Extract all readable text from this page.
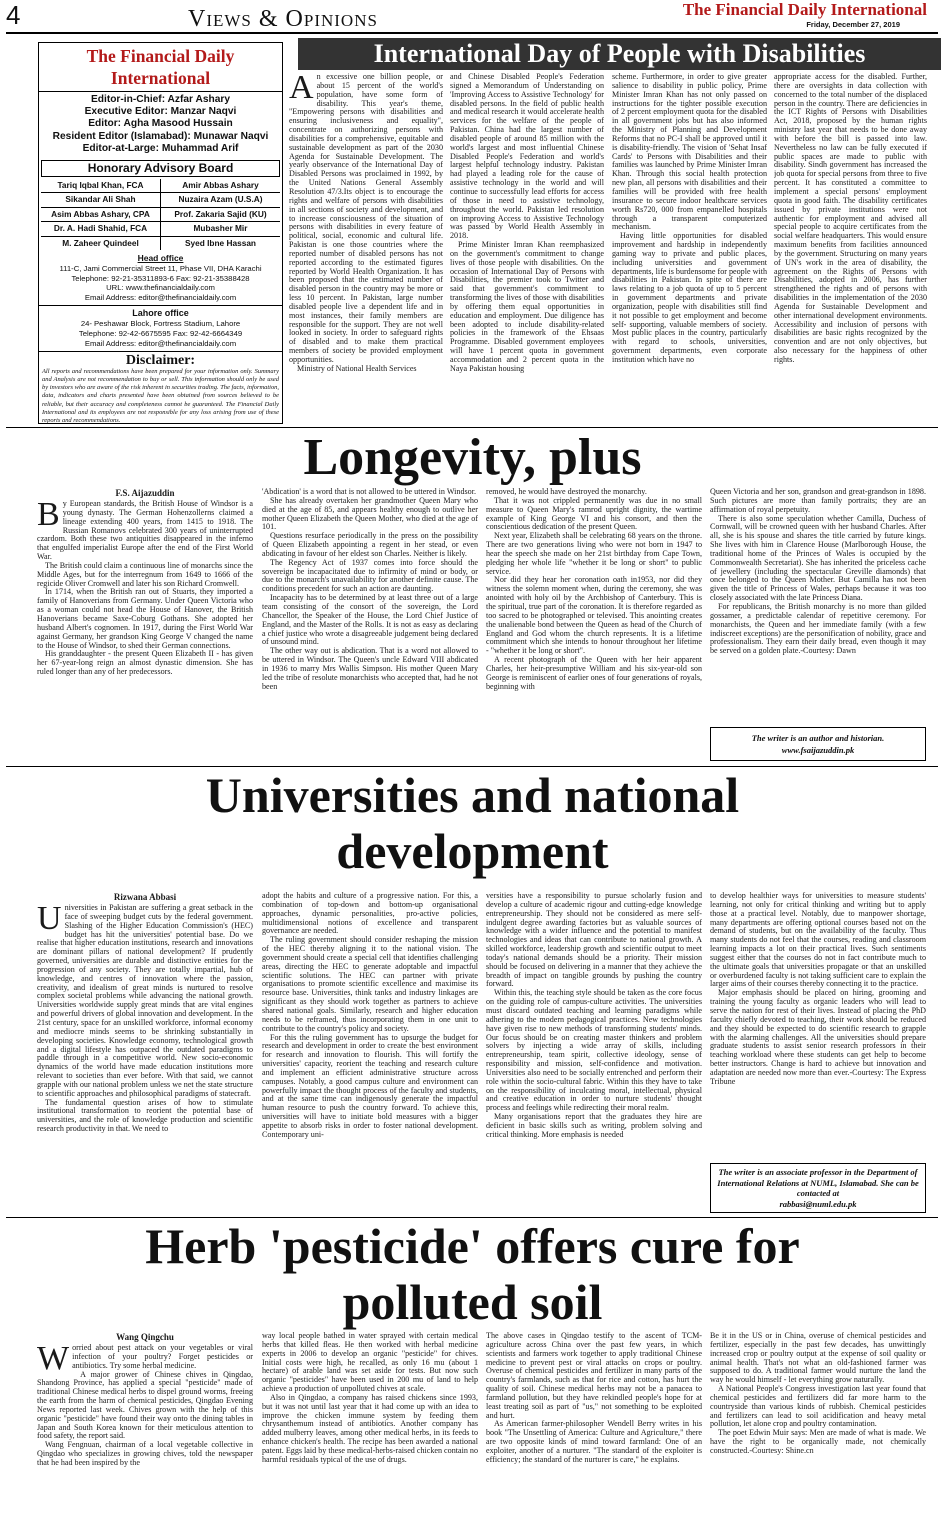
4	Views & Opinions	The Financial Daily International
Friday, December 27, 2019
The Financial Daily International
Editor-in-Chief: Azfar Ashary
Executive Editor: Manzar Naqvi
Editor: Agha Masood Hussain
Resident Editor (Islamabad): Munawar Naqvi
Editor-at-Large: Muhammad Arif
Honorary Advisory Board
Tariq Iqbal Khan, FCA
Sikandar Ali Shah
Asim Abbas Ashary, CPA
Dr. A. Hadi Shahid, FCA
M. Zaheer Quindeel
Amir Abbas Ashary
Nuzaira Azam (U.S.A)
Prof. Zakaria Sajid (KU)
Mubasher Mir
Syed Ibne Hassan
Head office
111-C, Jami Commercial Street 11, Phase VII, DHA Karachi
Telephone: 92-21-35311893-6 Fax: 92-21-35388428
URL: www.thefinancialdaily.com
Email Address: editor@thefinancialdaily.com
Lahore office
24- Peshawar Block, Fortress Stadium, Lahore
Telephone: 92-42-6675595 Fax: 92-42-6664349
Email Address: editor@thefinancialdaily.com
Disclaimer:
All reports and recommendations have been prepared for your information only. Summary and Analysis are not recommendation to buy or sell. This information should only be used by investors who are aware of the risk inherent in securities trading. The facts, information, data, indicators and charts presented have been obtained from sources believed to be reliable, but their accuracy and completeness cannot be guaranteed. The Financial Daily International and its employees are not responsible for any loss arising from use of these reports and recommendations.
International Day of People with Disabilities

An excessive one billion people, or about 15 percent of the world's population, have some form of disability. This year's theme, "Empowering persons with disabilities and ensuring inclusiveness and equality", concentrate on authorizing persons with disabilities for a comprehensive, equitable and sustainable development as part of the 2030 Agenda for Sustainable Development. The yearly observance of the International Day of Disabled Persons was proclaimed in 1992, by the United Nations General Assembly Resolution 47/3.Its object is to encourage the rights and welfare of persons with disabilities in all sections of society and development, and to increase consciousness of the situation of persons with disabilities in every feature of political, social, economic and cultural life. Pakistan is one those countries where the reported number of disabled persons has not reported according to the estimated figures reported by World Health Organization. It has been proposed that the estimated number of disabled person in the country may be more or less 10 percent. In Pakistan, large number disabled people live a dependent life and in most instances, their family members are responsible for the support. They are not well looked in society. In order to safeguard rights of disabled and to make them practical members of society be provided employment opportunities.

Ministry of National Health Services

and Chinese Disabled People's Federation signed a Memorandum of Understanding on 'Improving Access to Assistive Technology' for disabled persons. In the field of public health and medical research it would accelerate health services for the welfare of the people of Pakistan. China had the largest number of disabled people of around 85 million with the world's largest and most influential Chinese Disabled People's Federation and world's largest helpful technology industry. Pakistan had played a leading role for the cause of assistive technology in the world and will continue to successfully lead efforts for access of those in need to assistive technology, throughout the world. Pakistan led resolution on improving Access to Assistive Technology was passed by World Health Assembly in 2018.

Prime Minister Imran Khan reemphasized on the government's commitment to change lives of those people with disabilities. On the occasion of International Day of Persons with Disabilities, the premier took to Twitter and said that government's commitment to transforming the lives of those with disabilities by offering them equal opportunities in education and employment. Due diligence has been adopted to include disability-related policies in the framework of the Ehsaas Programme. Disabled government employees will have 1 percent quota in government accommodation and 2 percent quota in the Naya Pakistan housing

scheme. Furthermore, in order to give greater salience to disability in public policy, Prime Minister Imran Khan has not only passed on instructions for the tighter possible execution of 2 percent employment quota for the disabled in all government jobs but has also informed the Ministry of Planning and Development Reforms that no PC-I shall be approved until it is disability-friendly. The vision of 'Sehat Insaf Cards' to Persons with Disabilities and their families was launched by Prime Minister Imran Khan. Through this social health protection new plan, all persons with disabilities and their families will be provided with free health insurance to secure indoor healthcare services worth Rs720, 000 from empanelled hospitals through a transparent computerized mechanism.

Having little opportunities for disabled improvement and hardship in independently gaming way to private and public places, including universities and government departments, life is burdensome for people with disabilities in Pakistan. In spite of there are laws relating to a job quota of up to 5 percent in government departments and private organization, people with disabilities still find it not possible to get employment and become self- supporting, valuable members of society. Most public places in the country, particularly with regard to schools, universities, government departments, even corporate institution which have no

appropriate access for the disabled. Further, there are oversights in data collection with concerned to the total number of the displaced person in the country. There are deficiencies in the ICT Rights of Persons with Disabilities Act, 2018, proposed by the human rights ministry last year that needs to be done away with before the bill is passed into law. Nevertheless no law can be fully executed if public spaces are made to public with disability. Sindh government has increased the job quota for special persons from three to five percent. It has constituted a committee to implement a special persons' employment quota in good faith. The disability certificates issued by private institutions were not authentic for employment and advised all special people to acquire certificates from the social welfare headquarters. This would ensure maximum benefits from facilities announced by the government. Structuring on many years of UN's work in the area of disability, the agreement on the Rights of Persons with Disabilities, adopted in 2006, has further strengthened the rights and of persons with disabilities in the implementation of the 2030 Agenda for Sustainable Development and other international development environments. Accessibility and inclusion of persons with disabilities are basic rights recognized by the convention and are not only objectives, but also necessary for the happiness of other rights.

Longevity, plus
F.S. Aijazuddin

By European standards, the British House of Windsor is a young dynasty. The German Hohenzollerns claimed a lineage extending 400 years, from 1415 to 1918. The Russian Romanovs celebrated 300 years of uninterrupted czardom. Both these two antiquities disappeared in the inferno that engulfed imperialist Europe after the end of the First World War.

The British could claim a continuous line of monarchs since the Middle Ages, but for the interregnum from 1649 to 1666 of the regicide Oliver Cromwell and later his son Richard Cromwell.

In 1714, when the British ran out of Stuarts, they imported a family of Hanoverians from Germany. Under Queen Victoria who as a woman could not head the House of Hanover, the British Hanoverians became Saxe-Coburg Gothans. She adopted her husband Albert's cognomen. In 1917, during the First World War against Germany, her grandson King George V changed the name to the House of Windsor, to shed their German connections.

His granddaughter - the present Queen Elizabeth II - has given her 67-year-long reign an almost dynastic dimension. She has ruled longer than any of her predecessors.

'Abdication' is a word that is not allowed to be uttered in Windsor.

She has already overtaken her grandmother Queen Mary who died at the age of 85, and appears healthy enough to outlive her mother Queen Elizabeth the Queen Mother, who died at the age of 101.

Questions resurface periodically in the press on the possibility of Queen Elizabeth appointing a regent in her stead, or even abdicating in favour of her eldest son Charles. Neither is likely.

The Regency Act of 1937 comes into force should the sovereign be incapacitated due to infirmity of mind or body, or due to the monarch's unavailability for another definite cause. The conditions precedent for such an action are daunting.

Incapacity has to be determined by at least three out of a large team consisting of the consort of the sovereign, the Lord Chancellor, the Speaker of the House, the Lord Chief Justice of England, and the Master of the Rolls. It is not as easy as declaring a chief justice who wrote a disagreeable judgement being declared of unsound mind.

The other way out is abdication. That is a word not allowed to be uttered in Windsor. The Queen's uncle Edward VIII abdicated in 1936 to marry Mrs Wallis Simpson. His mother Queen Mary led the tribe of resolute monarchists who accepted that, had he not been

removed, he would have destroyed the monarchy.

That it was not crippled permanently was due in no small measure to Queen Mary's ramrod upright dignity, the wartime example of King George VI and his consort, and then the conscientious dedication of the present Queen.

Next year, Elizabeth shall be celebrating 68 years on the throne. There are two generations living who were not born in 1947 to hear the speech she made on her 21st birthday from Cape Town, pledging her whole life "whether it be long or short" to public service.

Nor did they hear her coronation oath in1953, nor did they witness the solemn moment when, during the ceremony, she was anointed with holy oil by the Archbishop of Canterbury. This is the spiritual, true part of the coronation. It is therefore regarded as too sacred to be photographed or televised. This anointing creates the unalienable bond between the Queen as head of the Church of England and God whom the church represents. It is a lifetime commitment which she intends to honour throughout her lifetime - "whether it be long or short".

A recent photograph of the Queen with her heir apparent Charles, her heir-presumptive William and his six-year-old son George is reminiscent of earlier ones of four generations of royals, beginning with

Queen Victoria and her son, grandson and great-grandson in 1898. Such pictures are more than family portraits; they are an affirmation of royal perpetuity.

There is also some speculation whether Camilla, Duchess of Cornwall, will be crowned queen with her husband Charles. After all, she is his spouse and shares the title carried by future kings. She lives with him in Clarence House (Marlborough House, the traditional home of the Princes of Wales is occupied by the Commonwealth Secretariat). She has inherited the priceless cache of jewellery (including the spectacular Greville diamonds) that once belonged to the Queen Mother. But Camilla has not been given the title of Princess of Wales, perhaps because it was too closely associated with the late Princess Diana.

For republicans, the British monarchy is no more than gilded gossamer, a predictable calendar of repetitive ceremony. For monarchists, the Queen and her immediate family (with a few indiscreet exceptions) are the personification of nobility, grace and professionalism. They earn their daily bread, even though it may be served on a golden plate.-Courtesy: Dawn

The writer is an author and historian.
www.fsaijazuddin.pk
Universities and national development
Rizwana Abbasi

Universities in Pakistan are suffering a great setback in the face of sweeping budget cuts by the federal government. Slashing of the Higher Education Commission's (HEC) budget has hit the universities' potential base. Do we realise that higher education institutions, research and innovations are dominant pillars of national development? If prudently governed, universities are durable and distinctive entities for the progression of any society. They are totally impartial, hub of knowledge, and centres of innovation where the passion, creativity, and idealism of great minds is nurtured to resolve complex societal problems while advancing the national growth. Universities worldwide supply great minds that are vital engines and powerful drivers of global innovation and development. In the 21st century, space for an unskilled workforce, informal economy and mediocre minds seems to be shrinking substantially in developing societies. Knowledge economy, technological growth and a digital lifestyle has outpaced the outdated paradigms to paddle through in a competitive world. New socio-economic dynamics of the world have made education institutions more relevant to societies than ever before. With that said, we cannot grapple with our national problem unless we net the state structure to scientific approaches and philosophical paradigms of statecraft.

The fundamental question arises of how to stimulate institutional transformation to reorient the potential base of universities, and the role of knowledge production and scientific research productivity in that. We need to

adopt the habits and culture of a progressive nation. For this, a combination of top-down and bottom-up organisational approaches, dynamic personalities, pro-active policies, multidimensional notions of excellence and transparent governance are needed.

The ruling government should consider reshaping the mission of the HEC thereby aligning it to the national vision. The government should create a special cell that identifies challenging areas, directing the HEC to generate adoptable and impactful scientific solutions. The HEC can partner with private organisations to promote scientific excellence and maximise its resource base. Universities, think tanks and industry linkages are significant as they should work together as partners to achieve shared national goals. Similarly, research and higher education needs to be reframed, thus incorporating them in one unit to contribute to the country's policy and society.

For this the ruling government has to upsurge the budget for research and development in order to create the best environment for research and innovation to flourish. This will fortify the universities' capacity, reorient the teaching and research culture and implement an efficient administrative structure across campuses. Notably, a good campus culture and environment can powerfully impact the thought process of the faculty and students, and at the same time can indigenously generate the impactful human resource to push the country forward. To achieve this, universities will have to initiate bold measures with a bigger appetite to absorb risks in order to foster national development. Contemporary uni-

versities have a responsibility to pursue scholarly fusion and develop a culture of academic rigour and cutting-edge knowledge entrepreneurship. They should not be considered as mere self-indulgent degree awarding factories but as valuable sources of knowledge with a wider influence and the potential to manifest technologies and ideas that can contribute to national growth. A skilled workforce, leadership growth and scientific output to meet today's national demands should be a priority. Their mission should be focused on delivering in a manner that they achieve the breadth of impact on tangible grounds by pushing the country forward.

Within this, the teaching style should be taken as the core focus on the guiding role of campus-culture activities. The universities must discard outdated teaching and learning paradigms while adhering to the modern pedagogical practices. New technologies have given rise to new methods of transforming students' minds. Our focus should be on creating master thinkers and problem solvers by injecting a wide array of skills, including entrepreneurship, team spirit, collective ideology, sense of responsibility and mission, self-confidence and motivation. Universities also need to be socially entrenched and perform their role within the socio-cultural fabric. Within this they have to take on the responsibility of inculcating moral, intellectual, physical and creative education in order to nurture students' thought process and feelings while redirecting their moral realm.

Many organisations report that the graduates they hire are deficient in basic skills such as writing, problem solving and critical thinking. More emphasis is needed

to develop healthier ways for universities to measure students' learning, not only for critical thinking and writing but to apply those at a practical level. Notably, due to manpower shortage, many departments are offering optional courses based not on the demand of students, but on the availability of the faculty. Thus many students do not feel that the courses, reading and classroom learning impacts a lot on their practical lives. Such sentiments suggest either that the courses do not in fact contribute much to the ultimate goals that universities propagate or that an unskilled or overburdened faculty is not taking sufficient care to explain the larger aims of their courses thereby connecting it to the practice.

Major emphasis should be placed on hiring, grooming and training the young faculty as organic leaders who will lead to serve the nation for rest of their lives. Instead of placing the PhD faculty chiefly devoted to teaching, their work should be reduced and they should be expected to do scientific research to grapple with the alarming challenges. All the universities should prepare graduate students to assist senior research professors in their teaching workload where these students can get help to become better instructors. Change is hard to achieve but innovation and adaptation are needed now more than ever.-Courtesy: The Express Tribune

The writer is an associate professor in the Department of International Relations at NUML, Islamabad. She can be contacted at
rabbasi@numl.edu.pk
Herb 'pesticide' offers cure for polluted soil
Wang Qingchu

Worried about pest attack on your vegetables or viral infection of your poultry? Forget pesticides or antibiotics. Try some herbal medicine.

A major grower of Chinese chives in Qingdao, Shandong Province, has applied a special "pesticide" made of traditional Chinese medical herbs to dispel ground worms, freeing the earth from the harm of chemical pesticides, Qingdao Evening News reported last week. Chives grown with the help of this organic "pesticide" have found their way onto the dining tables in Japan and South Korea known for their meticulous attention to food safety, the report said.

Wang Fengnuan, chairman of a local vegetable collective in Qingdao who specializes in growing chives, told the newspaper that he had been inspired by the

way local people bathed in water sprayed with certain medical herbs that killed fleas. He then worked with herbal medicine experts in 2006 to develop an organic "pesticide" for chives. Initial costs were high, he recalled, as only 16 mu (about 1 hectare) of arable land was set aside for tests. But now such organic "pesticides" have been used in 200 mu of land to help achieve a production of unpolluted chives at scale.

Also in Qingdao, a company has raised chickens since 1993, but it was not until last year that it had come up with an idea to improve the chicken immune system by feeding them chrysanthemum instead of antibiotics. Another company has added mulberry leaves, among other medical herbs, in its feeds to enhance chicken's health. The recipe has been awarded a national patent. Eggs laid by these medical-herbs-raised chicken contain no harmful residuals typical of the use of drugs.

The above cases in Qingdao testify to the ascent of TCM-agriculture across China over the past few years, in which scientists and farmers work together to apply traditional Chinese medicine to prevent pest or viral attacks on crops or poultry. Overuse of chemical pesticides and fertilizer in many parts of the country's farmlands, such as that for rice and cotton, has hurt the quality of soil. Chinese medical herbs may not be a panacea to farmland pollution, but they have rekindled people's hope for at least treating soil as part of "us," not something to be exploited and hurt.

As American farmer-philosopher Wendell Berry writes in his book "The Unsettling of America: Culture and Agriculture," there are two opposite kinds of mind toward farmland: One of an exploiter, another of a nurturer. "The standard of the exploiter is efficiency; the standard of the nurturer is care," he explains.

Be it in the US or in China, overuse of chemical pesticides and fertilizer, especially in the past few decades, has unwittingly increased crop or poultry output at the expense of soil quality or animal health. That's not what an old-fashioned farmer was supposed to do. A traditional farmer would nurture the land the way he would himself - let everything grow naturally.

A National People's Congress investigation last year found that chemical pesticides and fertilizers did far more harm to the countryside than various kinds of rubbish. Chemical pesticides and fertilizers can lead to soil acidification and heavy metal pollution, let alone crop and poultry contamination.

The poet Edwin Muir says: Men are made of what is made. We have the right to be organically made, not chemically constructed.-Courtesy: Shine.cn
